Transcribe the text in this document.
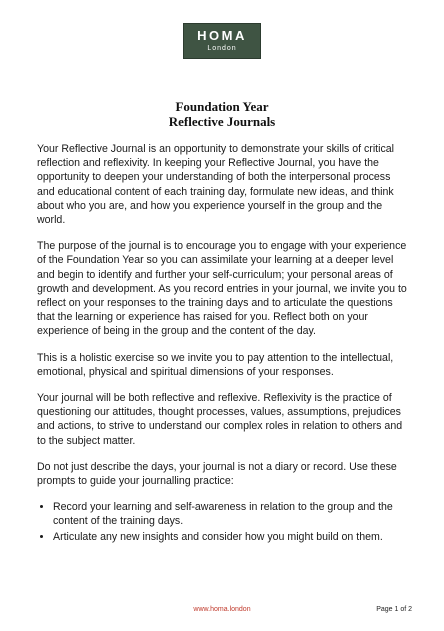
HOMA
London
Foundation Year
Reflective Journals

Your Reflective Journal is an opportunity to demonstrate your skills of critical reflection and reflexivity. In keeping your Reflective Journal, you have the opportunity to deepen your understanding of both the interpersonal process and educational content of each training day, formulate new ideas, and think about who you are, and how you experience yourself in the group and the world.

The purpose of the journal is to encourage you to engage with your experience of the Foundation Year so you can assimilate your learning at a deeper level and begin to identify and further your self-curriculum; your personal areas of growth and development. As you record entries in your journal, we invite you to reflect on your responses to the training days and to articulate the questions that the learning or experience has raised for you. Reflect both on your experience of being in the group and the content of the day.

This is a holistic exercise so we invite you to pay attention to the intellectual, emotional, physical and spiritual dimensions of your responses.

Your journal will be both reflective and reflexive. Reflexivity is the practice of questioning our attitudes, thought processes, values, assumptions, prejudices and actions, to strive to understand our complex roles in relation to others and to the subject matter.

Do not just describe the days, your journal is not a diary or record. Use these prompts to guide your journalling practice:

• Record your learning and self-awareness in relation to the group and the content of the training days.
• Articulate any new insights and consider how you might build on them.
www.homa.london	Page 1 of 2
